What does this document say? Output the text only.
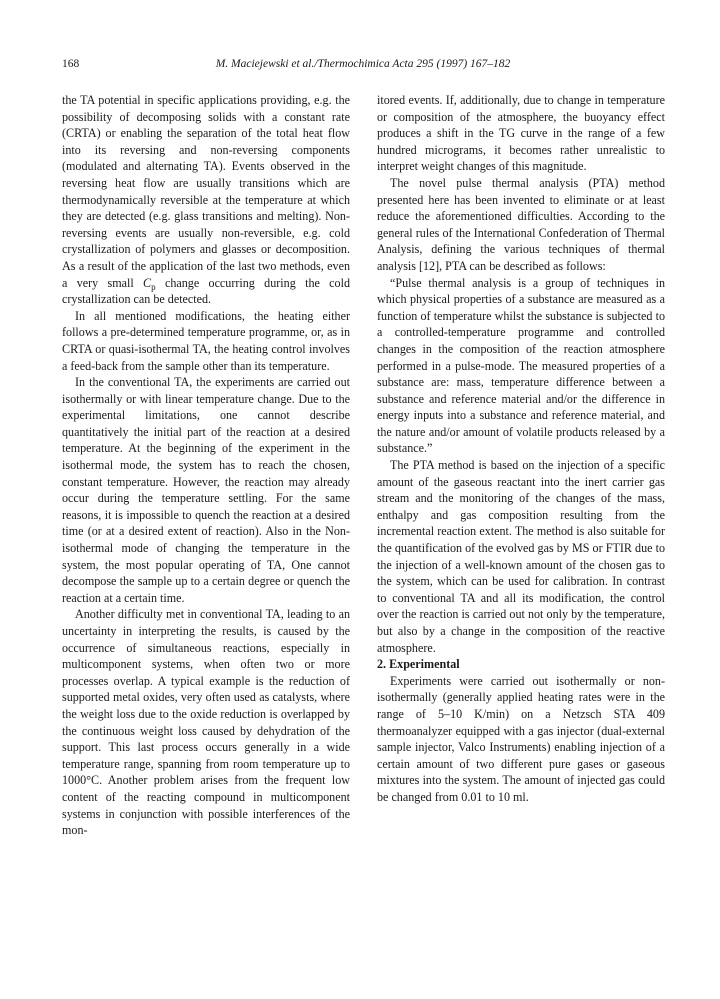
168	M. Maciejewski et al./Thermochimica Acta 295 (1997) 167–182

the TA potential in specific applications providing, e.g. the possibility of decomposing solids with a constant rate (CRTA) or enabling the separation of the total heat flow into its reversing and non-reversing components (modulated and alternating TA). Events observed in the reversing heat flow are usually transitions which are thermodynamically reversible at the temperature at which they are detected (e.g. glass transitions and melting). Non-reversing events are usually non-reversible, e.g. cold crystallization of polymers and glasses or decomposition. As a result of the application of the last two methods, even a very small $C_p$ change occurring during the cold crystallization can be detected.

In all mentioned modifications, the heating either follows a pre-determined temperature programme, or, as in CRTA or quasi-isothermal TA, the heating control involves a feed-back from the sample other than its temperature.

In the conventional TA, the experiments are carried out isothermally or with linear temperature change. Due to the experimental limitations, one cannot describe quantitatively the initial part of the reaction at a desired temperature. At the beginning of the experiment in the isothermal mode, the system has to reach the chosen, constant temperature. However, the reaction may already occur during the temperature settling. For the same reasons, it is impossible to quench the reaction at a desired time (or at a desired extent of reaction). Also in the Non-isothermal mode of changing the temperature in the system, the most popular operating of TA, One cannot decompose the sample up to a certain degree or quench the reaction at a certain time.

Another difficulty met in conventional TA, leading to an uncertainty in interpreting the results, is caused by the occurrence of simultaneous reactions, especially in multicomponent systems, when often two or more processes overlap. A typical example is the reduction of supported metal oxides, very often used as catalysts, where the weight loss due to the oxide reduction is overlapped by the continuous weight loss caused by dehydration of the support. This last process occurs generally in a wide temperature range, spanning from room temperature up to 1000°C. Another problem arises from the frequent low content of the reacting compound in multicomponent systems in conjunction with possible interferences of the mon-

itored events. If, additionally, due to change in temperature or composition of the atmosphere, the buoyancy effect produces a shift in the TG curve in the range of a few hundred micrograms, it becomes rather unrealistic to interpret weight changes of this magnitude.

The novel pulse thermal analysis (PTA) method presented here has been invented to eliminate or at least reduce the aforementioned difficulties. According to the general rules of the International Confederation of Thermal Analysis, defining the various techniques of thermal analysis [12], PTA can be described as follows:

“Pulse thermal analysis is a group of techniques in which physical properties of a substance are measured as a function of temperature whilst the substance is subjected to a controlled-temperature programme and controlled changes in the composition of the reaction atmosphere performed in a pulse-mode. The measured properties of a substance are: mass, temperature difference between a substance and reference material and/or the difference in energy inputs into a substance and reference material, and the nature and/or amount of volatile products released by a substance.”

The PTA method is based on the injection of a specific amount of the gaseous reactant into the inert carrier gas stream and the monitoring of the changes of the mass, enthalpy and gas composition resulting from the incremental reaction extent. The method is also suitable for the quantification of the evolved gas by MS or FTIR due to the injection of a well-known amount of the chosen gas to the system, which can be used for calibration. In contrast to conventional TA and all its modification, the control over the reaction is carried out not only by the temperature, but also by a change in the composition of the reactive atmosphere.

2. Experimental

Experiments were carried out isothermally or non-isothermally (generally applied heating rates were in the range of 5–10 K/min) on a Netzsch STA 409 thermoanalyzer equipped with a gas injector (dual-external sample injector, Valco Instruments) enabling injection of a certain amount of two different pure gases or gaseous mixtures into the system. The amount of injected gas could be changed from 0.01 to 10 ml.
